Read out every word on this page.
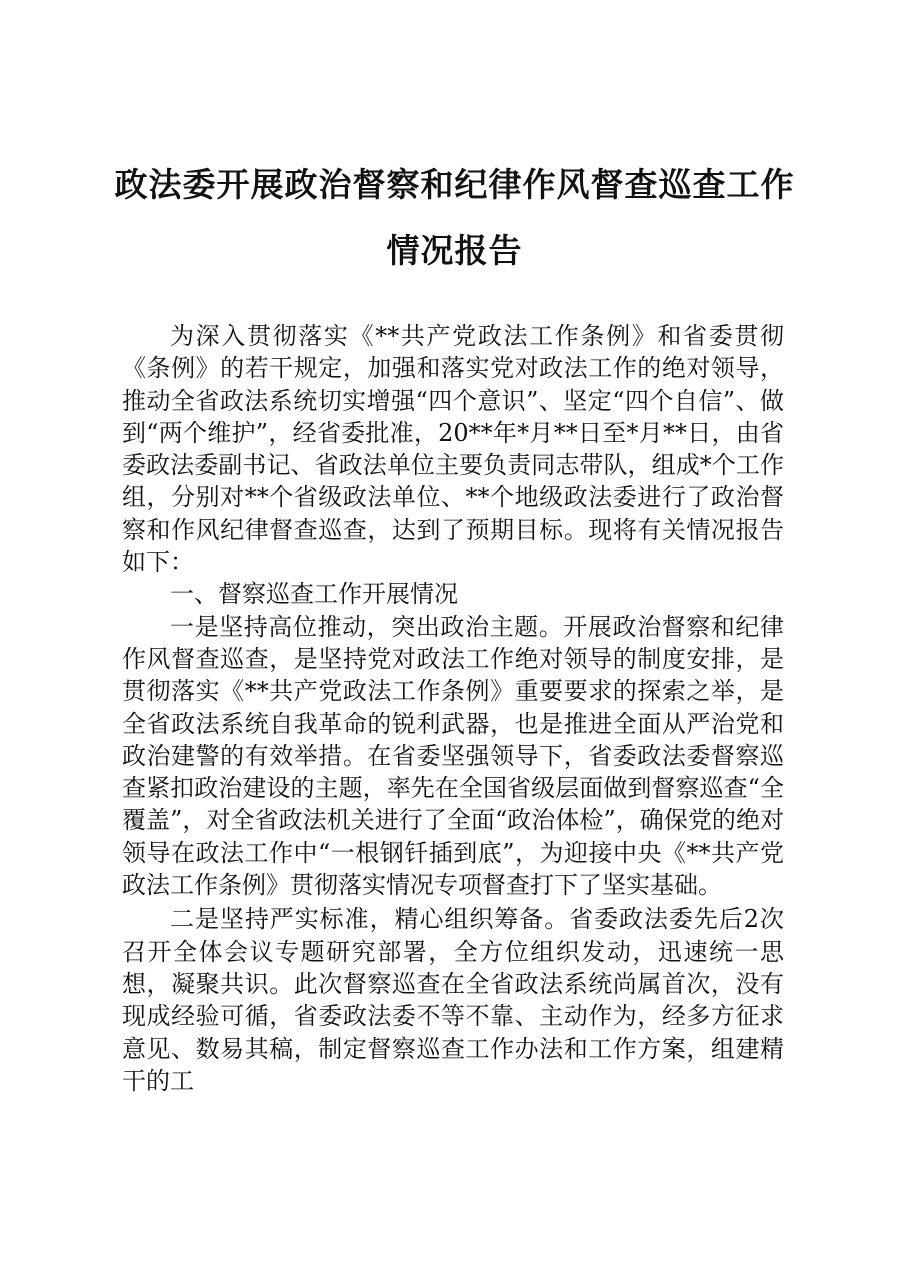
政法委开展政治督察和纪律作风督查巡查工作情况报告

为深入贯彻落实《**共产党政法工作条例》和省委贯彻《条例》的若干规定，加强和落实党对政法工作的绝对领导，推动全省政法系统切实增强“四个意识”、坚定“四个自信”、做到“两个维护”，经省委批准，20**年*月**日至*月**日，由省委政法委副书记、省政法单位主要负责同志带队，组成*个工作组，分别对**个省级政法单位、**个地级政法委进行了政治督察和作风纪律督查巡查，达到了预期目标。现将有关情况报告如下：

一、督察巡查工作开展情况

一是坚持高位推动，突出政治主题。开展政治督察和纪律作风督查巡查，是坚持党对政法工作绝对领导的制度安排，是贯彻落实《**共产党政法工作条例》重要要求的探索之举，是全省政法系统自我革命的锐利武器，也是推进全面从严治党和政治建警的有效举措。在省委坚强领导下，省委政法委督察巡查紧扣政治建设的主题，率先在全国省级层面做到督察巡查“全覆盖”，对全省政法机关进行了全面“政治体检”，确保党的绝对领导在政法工作中“一根钢钎插到底”，为迎接中央《**共产党政法工作条例》贯彻落实情况专项督查打下了坚实基础。

二是坚持严实标准，精心组织筹备。省委政法委先后2次召开全体会议专题研究部署，全方位组织发动，迅速统一思想，凝聚共识。此次督察巡查在全省政法系统尚属首次，没有现成经验可循，省委政法委不等不靠、主动作为，经多方征求意见、数易其稿，制定督察巡查工作办法和工作方案，组建精干的工
